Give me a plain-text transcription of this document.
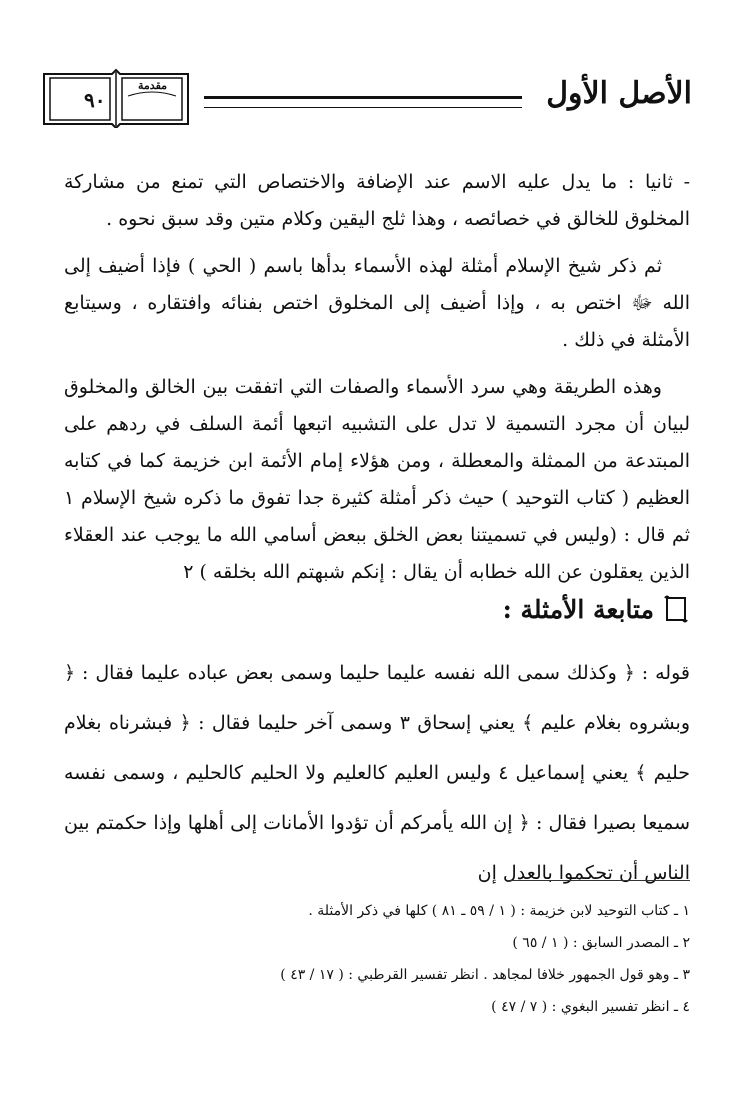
مقدمة
٩٠	الأصل الأول

- ثانيا : ما يدل عليه الاسم عند الإضافة والاختصاص التي تمنع من مشاركة المخلوق للخالق في خصائصه ، وهذا ثلج اليقين وكلام متين وقد سبق نحوه .

ثم ذكر شيخ الإسلام أمثلة لهذه الأسماء بدأها باسم ( الحي ) فإذا أضيف إلى الله ﷻ اختص به ، وإذا أضيف إلى المخلوق اختص بفنائه وافتقاره ، وسيتابع الأمثلة في ذلك .

وهذه الطريقة وهي سرد الأسماء والصفات التي اتفقت بين الخالق والمخلوق لبيان أن مجرد التسمية لا تدل على التشبيه اتبعها أئمة السلف في ردهم على المبتدعة من الممثلة والمعطلة ، ومن هؤلاء إمام الأئمة ابن خزيمة كما في كتابه العظيم ( كتاب التوحيد ) حيث ذكر أمثلة كثيرة جدا تفوق ما ذكره شيخ الإسلام ١ ثم قال : (وليس في تسميتنا بعض الخلق ببعض أسامي الله ما يوجب عند العقلاء الذين يعقلون عن الله خطابه أن يقال : إنكم شبهتم الله بخلقه ) ٢

متابعة الأمثلة :

قوله : ﴿ وكذلك سمى الله نفسه عليما حليما وسمى بعض عباده عليما فقال : ﴿ وبشروه بغلام عليم ﴾ يعني إسحاق ٣ وسمى آخر حليما فقال : ﴿ فبشرناه بغلام حليم ﴾ يعني إسماعيل ٤ وليس العليم كالعليم ولا الحليم كالحليم ، وسمى نفسه سميعا بصيرا فقال : ﴿ إن الله يأمركم أن تؤدوا الأمانات إلى أهلها وإذا حكمتم بين الناس أن تحكموا بالعدل إن

١ ـ كتاب التوحيد لابن خزيمة : ( ١ / ٥٩ ـ ٨١ ) كلها في ذكر الأمثلة .

٢ ـ المصدر السابق : ( ١ / ٦٥ )

٣ ـ وهو قول الجمهور خلافا لمجاهد . انظر تفسير القرطبي : ( ١٧ / ٤٣ )

٤ ـ انظر تفسير البغوي : ( ٧ / ٤٧ )
